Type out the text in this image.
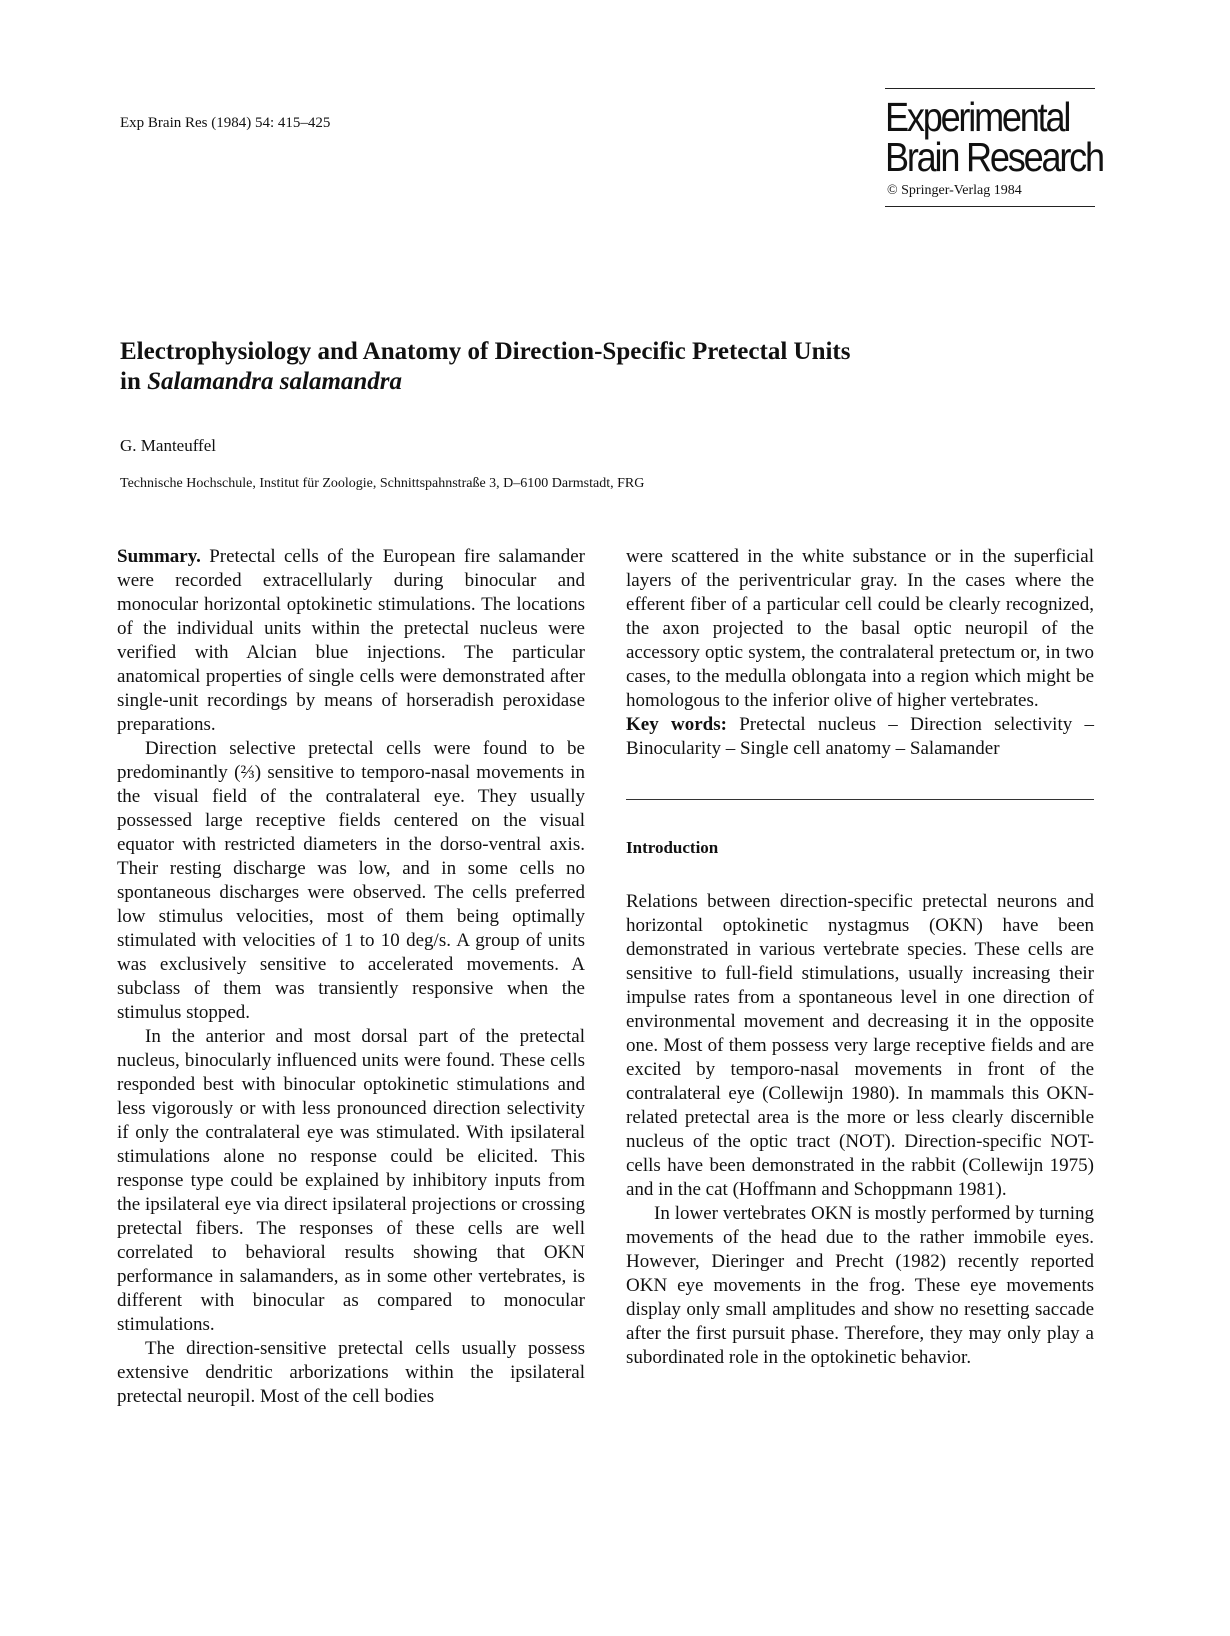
Exp Brain Res (1984) 54: 415–425	Experimental
Brain Research
© Springer-Verlag 1984
Electrophysiology and Anatomy of Direction-Specific Pretectal Units
in Salamandra salamandra
G. Manteuffel
Technische Hochschule, Institut für Zoologie, Schnittspahnstraße 3, D–6100 Darmstadt, FRG

Summary. Pretectal cells of the European fire salamander were recorded extracellularly during binocular and monocular horizontal optokinetic stimulations. The locations of the individual units within the pretectal nucleus were verified with Alcian blue injections. The particular anatomical properties of single cells were demonstrated after single-unit recordings by means of horseradish peroxidase preparations.

Direction selective pretectal cells were found to be predominantly (⅔) sensitive to temporo-nasal movements in the visual field of the contralateral eye. They usually possessed large receptive fields centered on the visual equator with restricted diameters in the dorso-ventral axis. Their resting discharge was low, and in some cells no spontaneous discharges were observed. The cells preferred low stimulus velocities, most of them being optimally stimulated with velocities of 1 to 10 deg/s. A group of units was exclusively sensitive to accelerated movements. A subclass of them was transiently responsive when the stimulus stopped.

In the anterior and most dorsal part of the pretectal nucleus, binocularly influenced units were found. These cells responded best with binocular optokinetic stimulations and less vigorously or with less pronounced direction selectivity if only the contralateral eye was stimulated. With ipsilateral stimulations alone no response could be elicited. This response type could be explained by inhibitory inputs from the ipsilateral eye via direct ipsilateral projections or crossing pretectal fibers. The responses of these cells are well correlated to behavioral results showing that OKN performance in salamanders, as in some other vertebrates, is different with binocular as compared to monocular stimulations.

The direction-sensitive pretectal cells usually possess extensive dendritic arborizations within the ipsilateral pretectal neuropil. Most of the cell bodies

were scattered in the white substance or in the superficial layers of the periventricular gray. In the cases where the efferent fiber of a particular cell could be clearly recognized, the axon projected to the basal optic neuropil of the accessory optic system, the contralateral pretectum or, in two cases, to the medulla oblongata into a region which might be homologous to the inferior olive of higher vertebrates.

Key words: Pretectal nucleus – Direction selectivity – Binocularity – Single cell anatomy – Salamander

Introduction

Relations between direction-specific pretectal neurons and horizontal optokinetic nystagmus (OKN) have been demonstrated in various vertebrate species. These cells are sensitive to full-field stimulations, usually increasing their impulse rates from a spontaneous level in one direction of environmental movement and decreasing it in the opposite one. Most of them possess very large receptive fields and are excited by temporo-nasal movements in front of the contralateral eye (Collewijn 1980). In mammals this OKN-related pretectal area is the more or less clearly discernible nucleus of the optic tract (NOT). Direction-specific NOT-cells have been demonstrated in the rabbit (Collewijn 1975) and in the cat (Hoffmann and Schoppmann 1981).

In lower vertebrates OKN is mostly performed by turning movements of the head due to the rather immobile eyes. However, Dieringer and Precht (1982) recently reported OKN eye movements in the frog. These eye movements display only small amplitudes and show no resetting saccade after the first pursuit phase. Therefore, they may only play a subordinated role in the optokinetic behavior.
